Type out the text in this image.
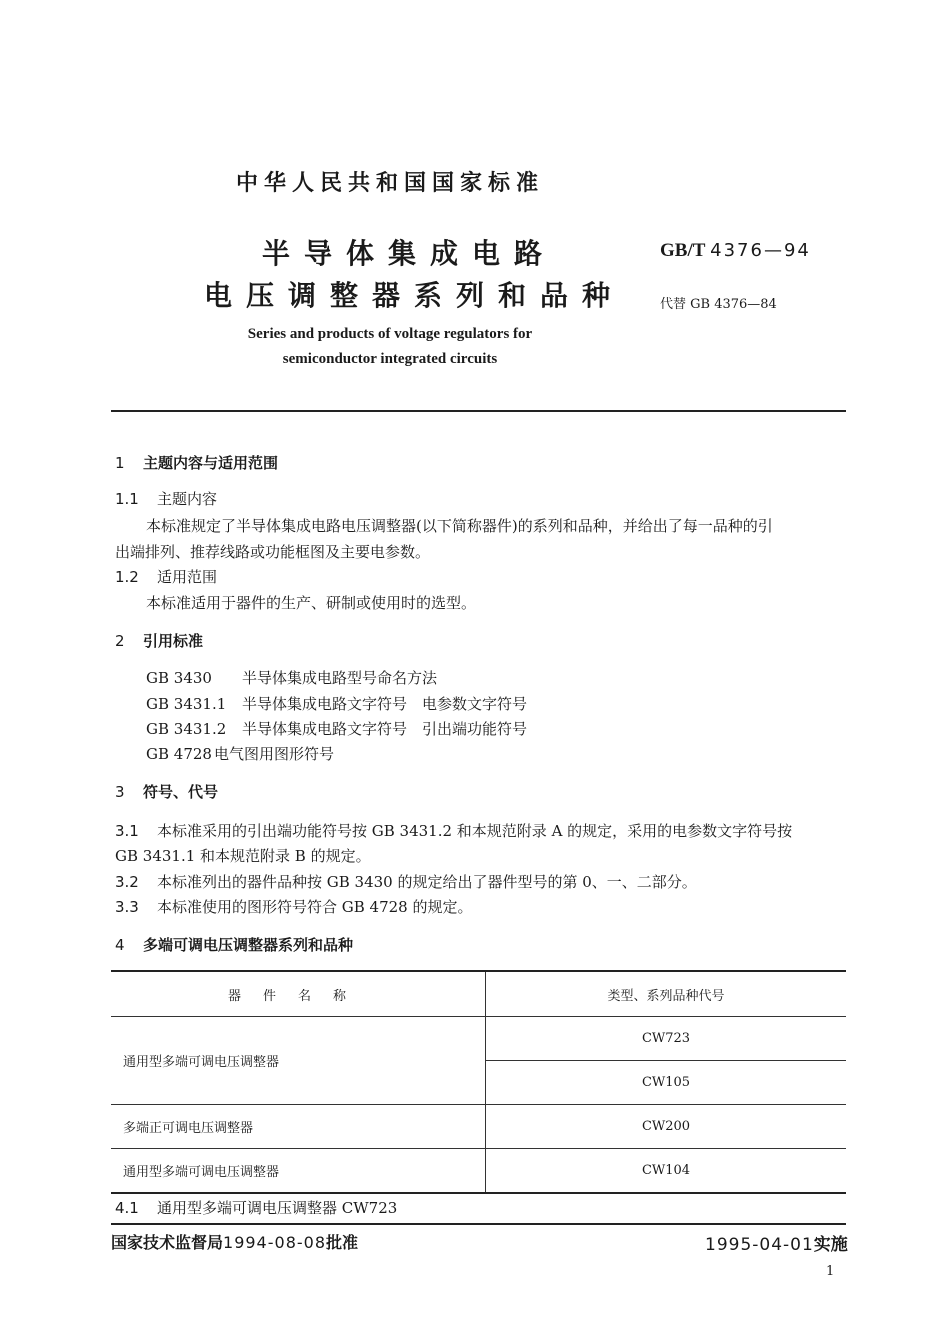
中华人民共和国国家标准
半导体集成电路
电压调整器系列和品种
Series and products of voltage regulators for
semiconductor integrated circuits
GB/T 4376—94
代替 GB 4376—84
1 主题内容与适用范围
1.1 主题内容
本标准规定了半导体集成电路电压调整器(以下简称器件)的系列和品种，并给出了每一品种的引
出端排列、推荐线路或功能框图及主要电参数。
1.2 适用范围
本标准适用于器件的生产、研制或使用时的选型。
2 引用标准
GB 3430 半导体集成电路型号命名方法
GB 3431.1 半导体集成电路文字符号　电参数文字符号
GB 3431.2 半导体集成电路文字符号　引出端功能符号
GB 4728 电气图用图形符号
3 符号、代号
3.1 本标准采用的引出端功能符号按 GB 3431.2 和本规范附录 A 的规定，采用的电参数文字符号按
GB 3431.1 和本规范附录 B 的规定。
3.2 本标准列出的器件品种按 GB 3430 的规定给出了器件型号的第 0、一、二部分。
3.3 本标准使用的图形符号符合 GB 4728 的规定。
4 多端可调电压调整器系列和品种
器件名称	类型、系列品种代号
通用型多端可调电压调整器	CW723
	CW105
多端正可调电压调整器	CW200
通用型多端可调电压调整器	CW104
4.1 通用型多端可调电压调整器 CW723
国家技术监督局1994-08-08批准	1995-04-01实施
1
